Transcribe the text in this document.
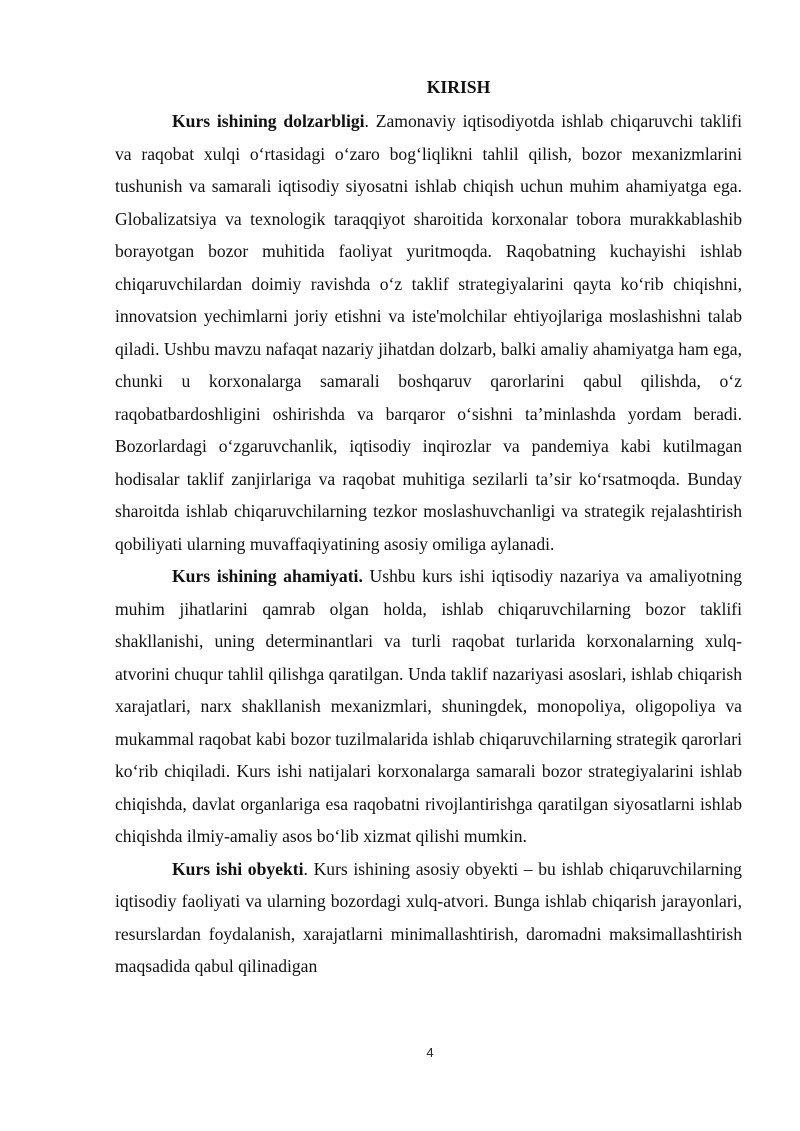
KIRISH

Kurs ishining dolzarbligi. Zamonaviy iqtisodiyotda ishlab chiqaruvchi taklifi va raqobat xulqi oʻrtasidagi oʻzaro bogʻliqlikni tahlil qilish, bozor mexanizmlarini tushunish va samarali iqtisodiy siyosatni ishlab chiqish uchun muhim ahamiyatga ega. Globalizatsiya va texnologik taraqqiyot sharoitida korxonalar tobora murakkablashib borayotgan bozor muhitida faoliyat yuritmoqda. Raqobatning kuchayishi ishlab chiqaruvchilardan doimiy ravishda oʻz taklif strategiyalarini qayta koʻrib chiqishni, innovatsion yechimlarni joriy etishni va iste'molchilar ehtiyojlariga moslashishni talab qiladi. Ushbu mavzu nafaqat nazariy jihatdan dolzarb, balki amaliy ahamiyatga ham ega, chunki u korxonalarga samarali boshqaruv qarorlarini qabul qilishda, oʻz raqobatbardoshligini oshirishda va barqaror oʻsishni taʼminlashda yordam beradi. Bozorlardagi oʻzgaruvchanlik, iqtisodiy inqirozlar va pandemiya kabi kutilmagan hodisalar taklif zanjirlariga va raqobat muhitiga sezilarli taʼsir koʻrsatmoqda. Bunday sharoitda ishlab chiqaruvchilarning tezkor moslashuvchanligi va strategik rejalashtirish qobiliyati ularning muvaffaqiyatining asosiy omiliga aylanadi.

Kurs ishining ahamiyati. Ushbu kurs ishi iqtisodiy nazariya va amaliyotning muhim jihatlarini qamrab olgan holda, ishlab chiqaruvchilarning bozor taklifi shakllanishi, uning determinantlari va turli raqobat turlarida korxonalarning xulq-atvorini chuqur tahlil qilishga qaratilgan. Unda taklif nazariyasi asoslari, ishlab chiqarish xarajatlari, narx shakllanish mexanizmlari, shuningdek, monopoliya, oligopoliya va mukammal raqobat kabi bozor tuzilmalarida ishlab chiqaruvchilarning strategik qarorlari koʻrib chiqiladi. Kurs ishi natijalari korxonalarga samarali bozor strategiyalarini ishlab chiqishda, davlat organlariga esa raqobatni rivojlantirishga qaratilgan siyosatlarni ishlab chiqishda ilmiy-amaliy asos boʻlib xizmat qilishi mumkin.

Kurs ishi obyekti. Kurs ishining asosiy obyekti – bu ishlab chiqaruvchilarning iqtisodiy faoliyati va ularning bozordagi xulq-atvori. Bunga ishlab chiqarish jarayonlari, resurslardan foydalanish, xarajatlarni minimallashtirish, daromadni maksimallashtirish maqsadida qabul qilinadigan

4
